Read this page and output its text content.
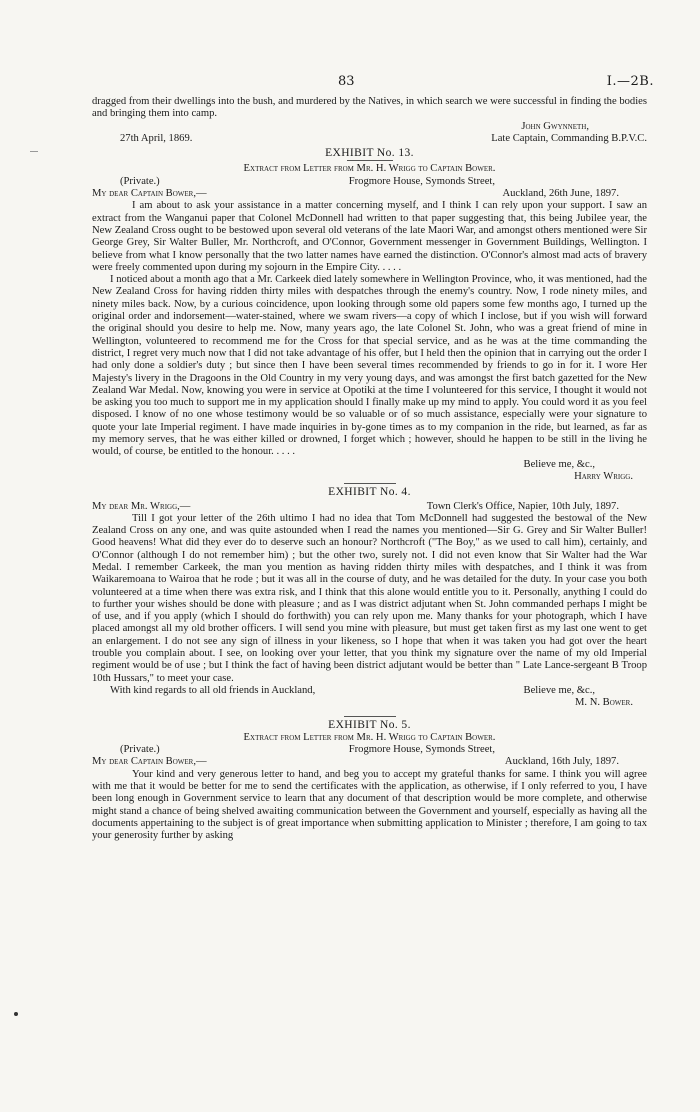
83	I.—2B.

dragged from their dwellings into the bush, and murdered by the Natives, in which search we were successful in finding the bodies and bringing them into camp.

John Gwynneth,

27th April, 1869.	Late Captain, Commanding B.P.V.C.
EXHIBIT No. 13.

Extract from Letter from Mr. H. Wrigg to Captain Bower.

(Private.)	Frogmore House, Symonds Street,
My dear Captain Bower,—	Auckland, 26th June, 1897.

I am about to ask your assistance in a matter concerning myself, and I think I can rely upon your support. I saw an extract from the Wanganui paper that Colonel McDonnell had written to that paper suggesting that, this being Jubilee year, the New Zealand Cross ought to be bestowed upon several old veterans of the late Maori War, and amongst others mentioned were Sir George Grey, Sir Walter Buller, Mr. Northcroft, and O'Connor, Government messenger in Government Buildings, Wellington. I believe from what I know personally that the two latter names have earned the distinction. O'Connor's almost mad acts of bravery were freely commented upon during my sojourn in the Empire City. . . . .

I noticed about a month ago that a Mr. Carkeek died lately somewhere in Wellington Province, who, it was mentioned, had the New Zealand Cross for having ridden thirty miles with despatches through the enemy's country. Now, I rode ninety miles, and ninety miles back. Now, by a curious coincidence, upon looking through some old papers some few months ago, I turned up the original order and indorsement—water-stained, where we swam rivers—a copy of which I inclose, but if you wish will forward the original should you desire to help me. Now, many years ago, the late Colonel St. John, who was a great friend of mine in Wellington, volunteered to recommend me for the Cross for that special service, and as he was at the time commanding the district, I regret very much now that I did not take advantage of his offer, but I held then the opinion that in carrying out the order I had only done a soldier's duty ; but since then I have been several times recommended by friends to go in for it. I wore Her Majesty's livery in the Dragoons in the Old Country in my very young days, and was amongst the first batch gazetted for the New Zealand War Medal. Now, knowing you were in service at Opotiki at the time I volunteered for this service, I thought it would not be asking you too much to support me in my application should I finally make up my mind to apply. You could word it as you feel disposed. I know of no one whose testimony would be so valuable or of so much assistance, especially were your signature to quote your late Imperial regiment. I have made inquiries in by-gone times as to my companion in the ride, but learned, as far as my memory serves, that he was either killed or drowned, I forget which ; however, should he happen to be still in the living he would, of course, be entitled to the honour. . . . .

Believe me, &c.,

Harry Wrigg.

EXHIBIT No. 4.
My dear Mr. Wrigg,—	Town Clerk's Office, Napier, 10th July, 1897.

Till I got your letter of the 26th ultimo I had no idea that Tom McDonnell had suggested the bestowal of the New Zealand Cross on any one, and was quite astounded when I read the names you mentioned—Sir G. Grey and Sir Walter Buller! Good heavens! What did they ever do to deserve such an honour? Northcroft ("The Boy," as we used to call him), certainly, and O'Connor (although I do not remember him) ; but the other two, surely not. I did not even know that Sir Walter had the War Medal. I remember Carkeek, the man you mention as having ridden thirty miles with despatches, and I think it was from Waikaremoana to Wairoa that he rode ; but it was all in the course of duty, and he was detailed for the duty. In your case you both volunteered at a time when there was extra risk, and I think that this alone would entitle you to it. Personally, anything I could do to further your wishes should be done with pleasure ; and as I was district adjutant when St. John commanded perhaps I might be of use, and if you apply (which I should do forthwith) you can rely upon me. Many thanks for your photograph, which I have placed amongst all my old brother officers. I will send you mine with pleasure, but must get taken first as my last one went to get an enlargement. I do not see any sign of illness in your likeness, so I hope that when it was taken you had got over the heart trouble you complain about. I see, on looking over your letter, that you think my signature over the name of my old Imperial regiment would be of use ; but I think the fact of having been district adjutant would be better than " Late Lance-sergeant B Troop 10th Hussars," to meet your case.

With kind regards to all old friends in Auckland,	Believe me, &c.,

M. N. Bower.

EXHIBIT No. 5.

Extract from Letter from Mr. H. Wrigg to Captain Bower.

(Private.)	Frogmore House, Symonds Street,
My dear Captain Bower,—	Auckland, 16th July, 1897.

Your kind and very generous letter to hand, and beg you to accept my grateful thanks for same. I think you will agree with me that it would be better for me to send the certificates with the application, as otherwise, if I only referred to you, I have been long enough in Government service to learn that any document of that description would be more complete, and otherwise might stand a chance of being shelved awaiting communication between the Government and yourself, especially as having all the documents appertaining to the subject is of great importance when submitting application to Minister ; therefore, I am going to tax your generosity further by asking
